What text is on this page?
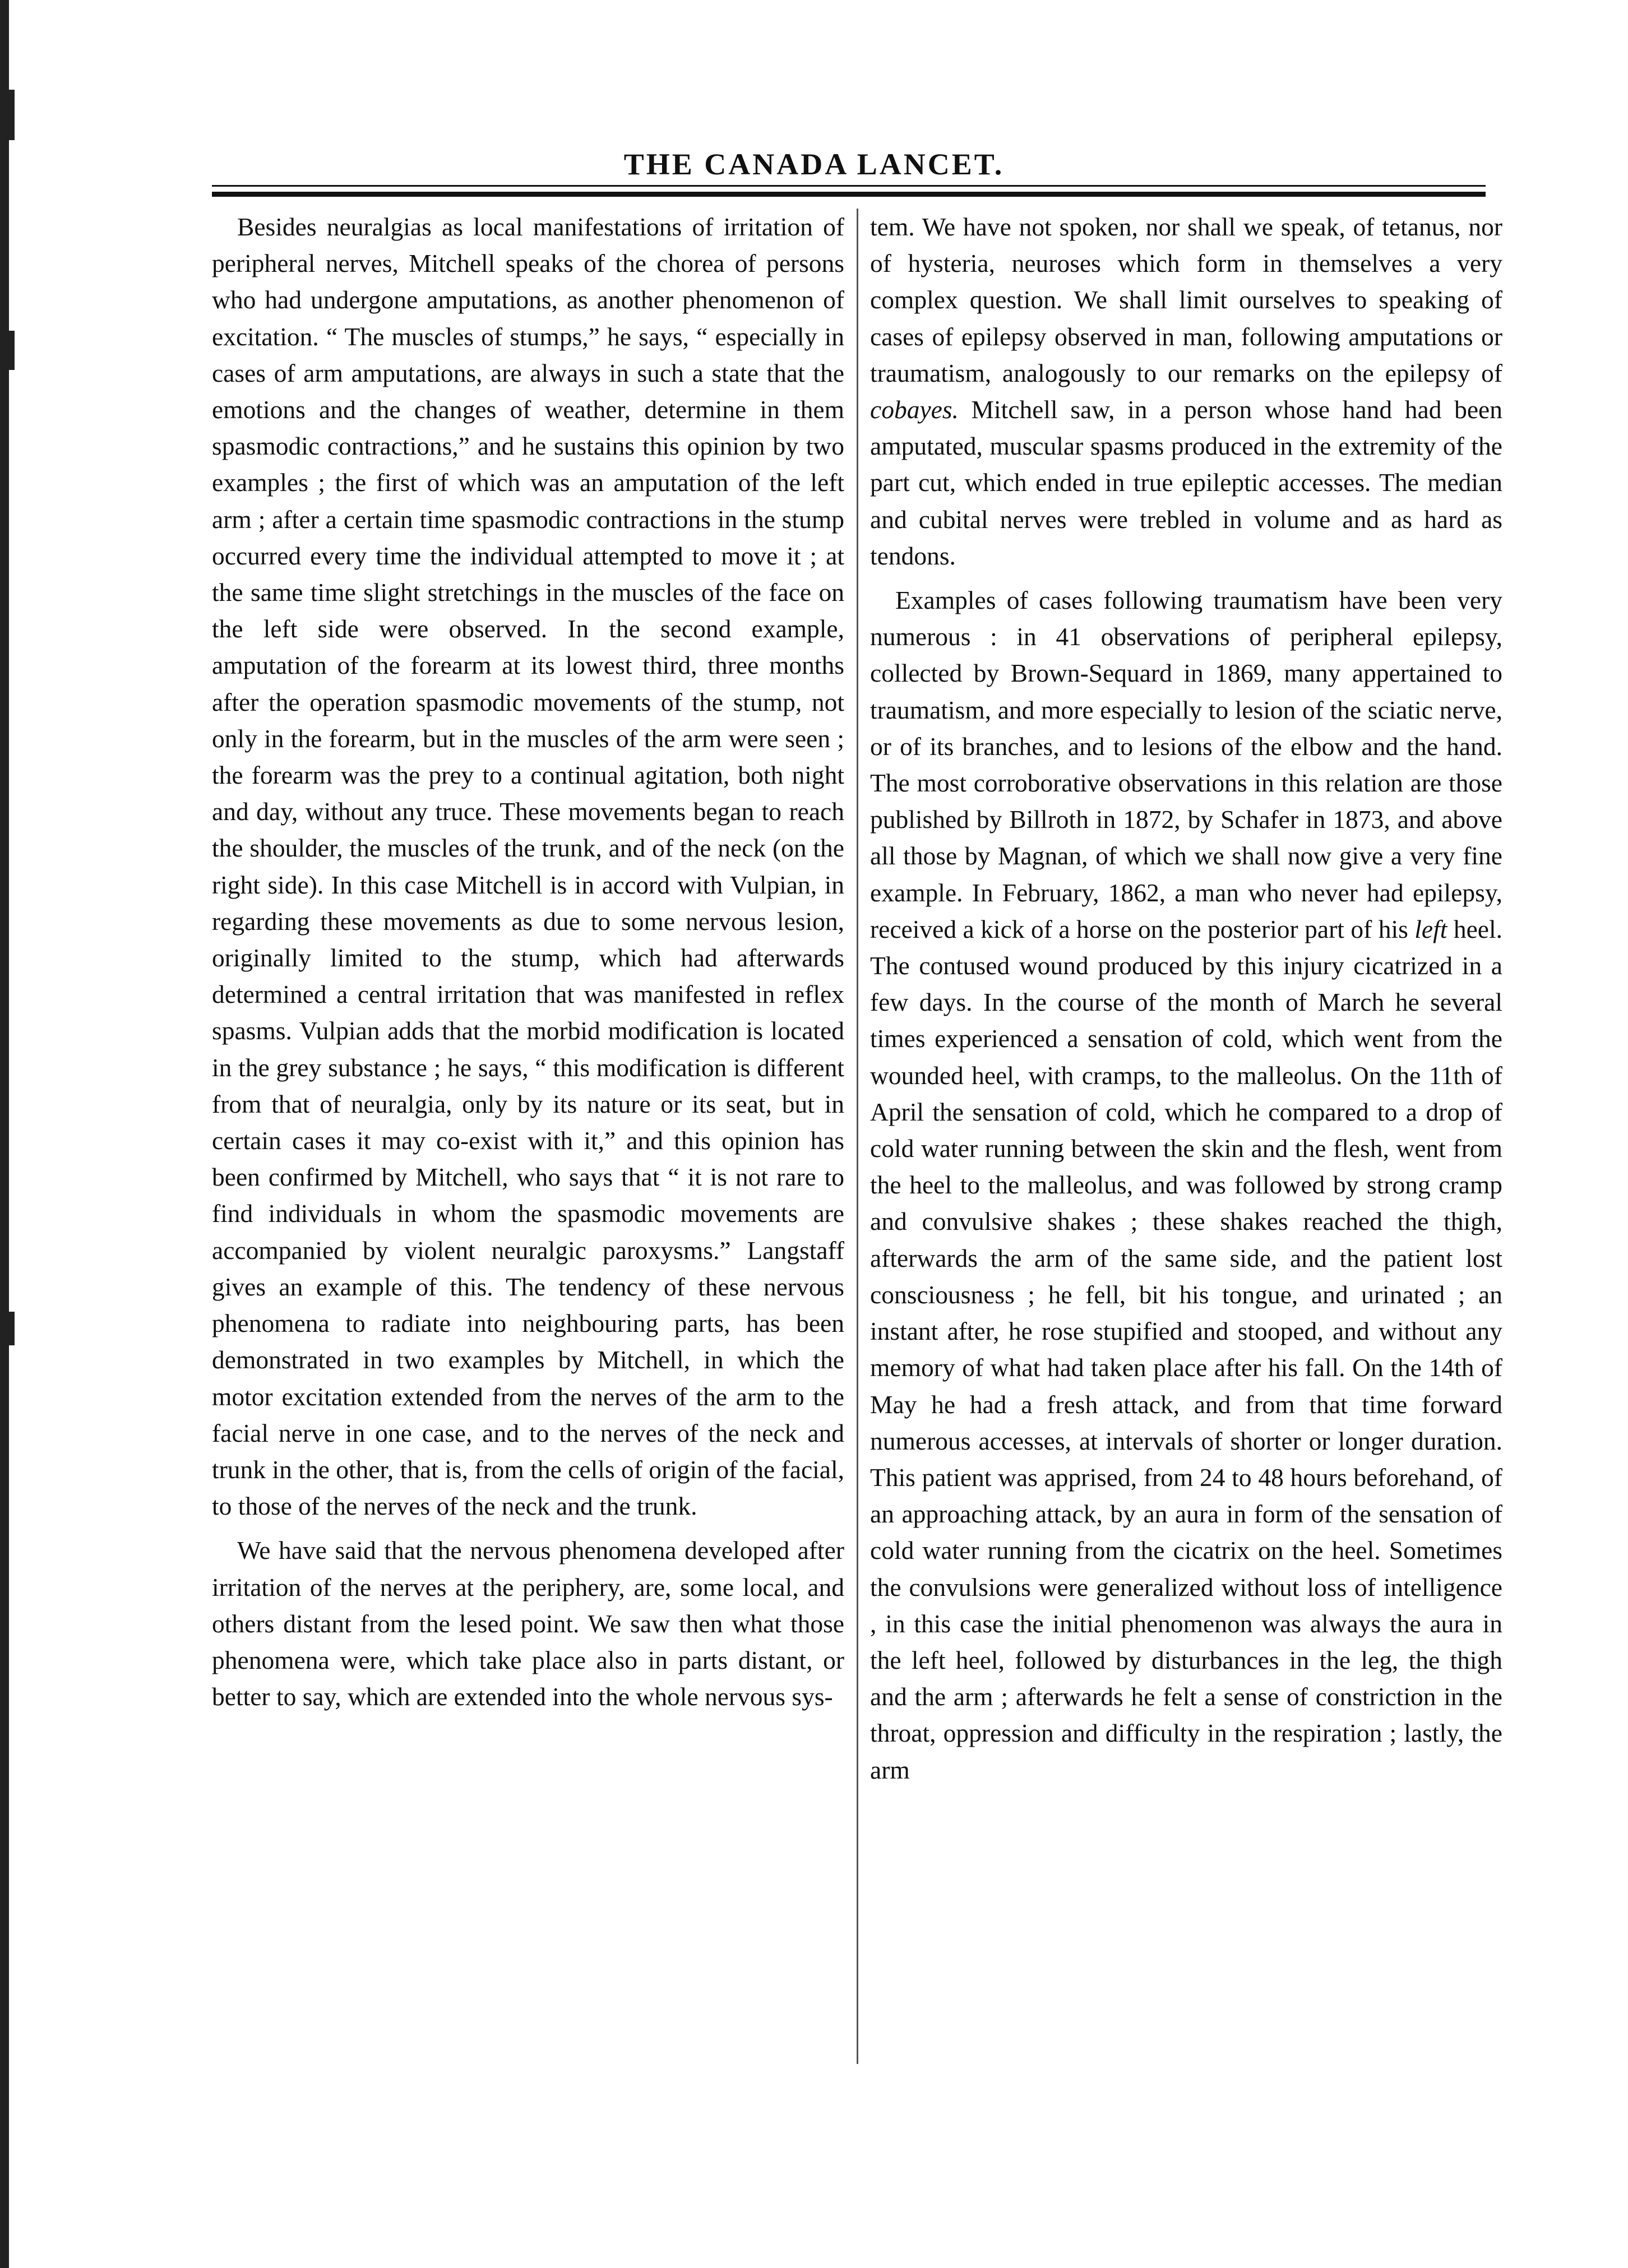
THE CANADA LANCET.

Besides neuralgias as local manifestations of irritation of peripheral nerves, Mitchell speaks of the chorea of persons who had undergone amputations, as another phenomenon of excitation. “ The muscles of stumps,” he says, “ especially in cases of arm amputations, are always in such a state that the emotions and the changes of weather, determine in them spasmodic contractions,” and he sustains this opinion by two examples ; the first of which was an amputation of the left arm ; after a certain time spasmodic contractions in the stump occurred every time the individual attempted to move it ; at the same time slight stretchings in the muscles of the face on the left side were observed. In the second example, amputation of the forearm at its lowest third, three months after the operation spasmodic movements of the stump, not only in the forearm, but in the muscles of the arm were seen ; the forearm was the prey to a continual agitation, both night and day, without any truce. These movements began to reach the shoulder, the muscles of the trunk, and of the neck (on the right side). In this case Mitchell is in accord with Vulpian, in regarding these movements as due to some nervous lesion, originally limited to the stump, which had afterwards determined a central irritation that was manifested in reflex spasms. Vulpian adds that the morbid modification is located in the grey substance ; he says, “ this modification is different from that of neuralgia, only by its nature or its seat, but in certain cases it may co-exist with it,” and this opinion has been confirmed by Mitchell, who says that “ it is not rare to find individuals in whom the spasmodic movements are accompanied by violent neuralgic paroxysms.” Langstaff gives an example of this. The tendency of these nervous phenomena to radiate into neighbouring parts, has been demonstrated in two examples by Mitchell, in which the motor excitation extended from the nerves of the arm to the facial nerve in one case, and to the nerves of the neck and trunk in the other, that is, from the cells of origin of the facial, to those of the nerves of the neck and the trunk.

We have said that the nervous phenomena developed after irritation of the nerves at the periphery, are, some local, and others distant from the lesed point. We saw then what those phenomena were, which take place also in parts distant, or better to say, which are extended into the whole nervous sys-

tem. We have not spoken, nor shall we speak, of tetanus, nor of hysteria, neuroses which form in themselves a very complex question. We shall limit ourselves to speaking of cases of epilepsy observed in man, following amputations or traumatism, analogously to our remarks on the epilepsy of cobayes. Mitchell saw, in a person whose hand had been amputated, muscular spasms produced in the extremity of the part cut, which ended in true epileptic accesses. The median and cubital nerves were trebled in volume and as hard as tendons.

Examples of cases following traumatism have been very numerous : in 41 observations of peripheral epilepsy, collected by Brown-Sequard in 1869, many appertained to traumatism, and more especially to lesion of the sciatic nerve, or of its branches, and to lesions of the elbow and the hand. The most corroborative observations in this relation are those published by Billroth in 1872, by Schafer in 1873, and above all those by Magnan, of which we shall now give a very fine example. In February, 1862, a man who never had epilepsy, received a kick of a horse on the posterior part of his left heel. The contused wound produced by this injury cicatrized in a few days. In the course of the month of March he several times experienced a sensation of cold, which went from the wounded heel, with cramps, to the malleolus. On the 11th of April the sensation of cold, which he compared to a drop of cold water running between the skin and the flesh, went from the heel to the malleolus, and was followed by strong cramp and convulsive shakes ; these shakes reached the thigh, afterwards the arm of the same side, and the patient lost consciousness ; he fell, bit his tongue, and urinated ; an instant after, he rose stupified and stooped, and without any memory of what had taken place after his fall. On the 14th of May he had a fresh attack, and from that time forward numerous accesses, at intervals of shorter or longer duration. This patient was apprised, from 24 to 48 hours beforehand, of an approaching attack, by an aura in form of the sensation of cold water running from the cicatrix on the heel. Sometimes the convulsions were generalized without loss of intelligence , in this case the initial phenomenon was always the aura in the left heel, followed by disturbances in the leg, the thigh and the arm ; afterwards he felt a sense of constriction in the throat, oppression and difficulty in the respiration ; lastly, the arm
